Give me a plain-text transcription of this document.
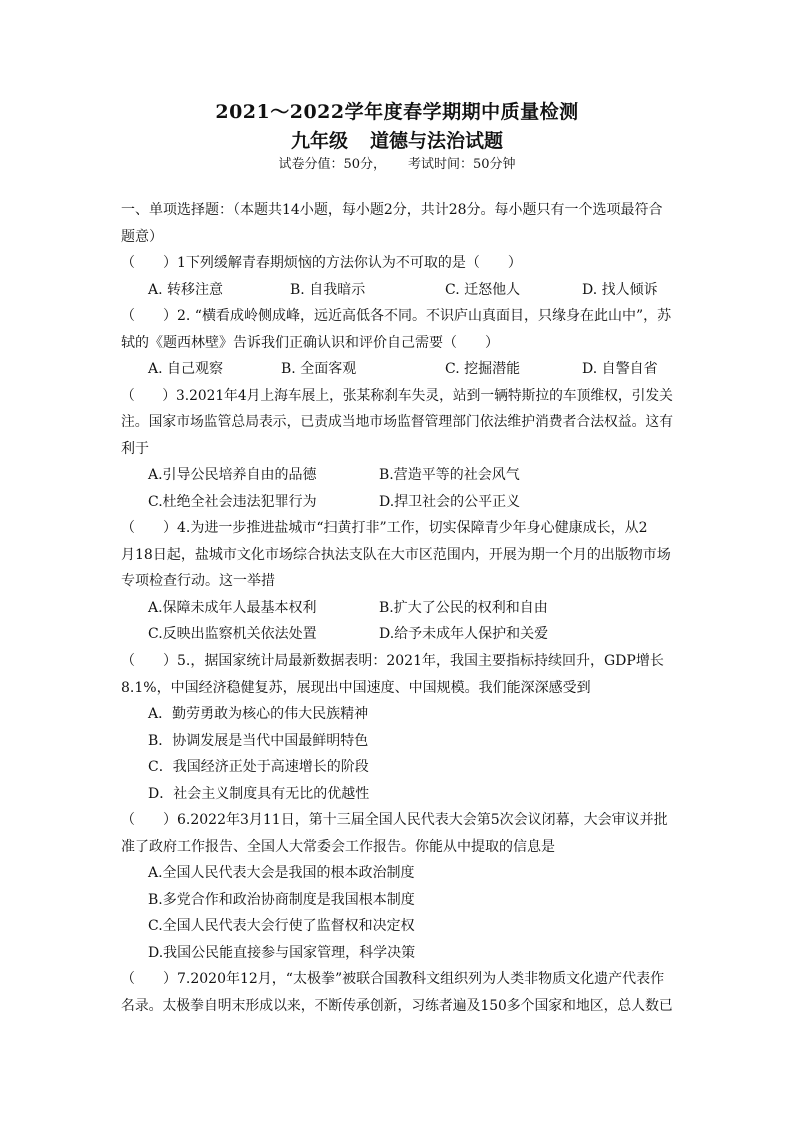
2021～2022学年度春学期期中质量检测
九年级 道德与法治试题
试卷分值：50分， 考试时间：50分钟
一、单项选择题：（本题共14小题，每小题2分，共计28分。每小题只有一个选项最符合
题意）
（　　）1下列缓解青春期烦恼的方法你认为不可取的是（　　）
A. 转移注意	B. 自我暗示	C. 迁怒他人	D. 找人倾诉
（　　）2. “横看成岭侧成峰，远近高低各不同。不识庐山真面目，只缘身在此山中”，苏
轼的《题西林壁》告诉我们正确认识和评价自己需要（　　）
A. 自己观察	B. 全面客观	C. 挖掘潜能	D. 自警自省
（　　）3.2021年4月上海车展上，张某称刹车失灵，站到一辆特斯拉的车顶维权，引发关
注。国家市场监管总局表示，已责成当地市场监督管理部门依法维护消费者合法权益。这有
利于
A.引导公民培养自由的品德	B.营造平等的社会风气
C.杜绝全社会违法犯罪行为	D.捍卫社会的公平正义
（　　）4.为进一步推进盐城市“扫黄打非”工作，切实保障青少年身心健康成长，从2
月18日起，盐城市文化市场综合执法支队在大市区范围内，开展为期一个月的出版物市场
专项检查行动。这一举措
A.保障未成年人最基本权利	B.扩大了公民的权利和自由
C.反映出监察机关依法处置	D.给予未成年人保护和关爱
（　　）5.，据国家统计局最新数据表明：2021年，我国主要指标持续回升，GDP增长
8.1%，中国经济稳健复苏，展现出中国速度、中国规模。我们能深深感受到
A．勤劳勇敢为核心的伟大民族精神
B．协调发展是当代中国最鲜明特色
C．我国经济正处于高速增长的阶段
D．社会主义制度具有无比的优越性
（　　）6.2022年3月11日，第十三届全国人民代表大会第5次会议闭幕，大会审议并批
准了政府工作报告、全国人大常委会工作报告。你能从中提取的信息是
A.全国人民代表大会是我国的根本政治制度
B.多党合作和政治协商制度是我国根本制度
C.全国人民代表大会行使了监督权和决定权
D.我国公民能直接参与国家管理，科学决策
（　　）7.2020年12月，“太极拳”被联合国教科文组织列为人类非物质文化遗产代表作
名录。太极拳自明末形成以来，不断传承创新，习练者遍及150多个国家和地区，总人数已
